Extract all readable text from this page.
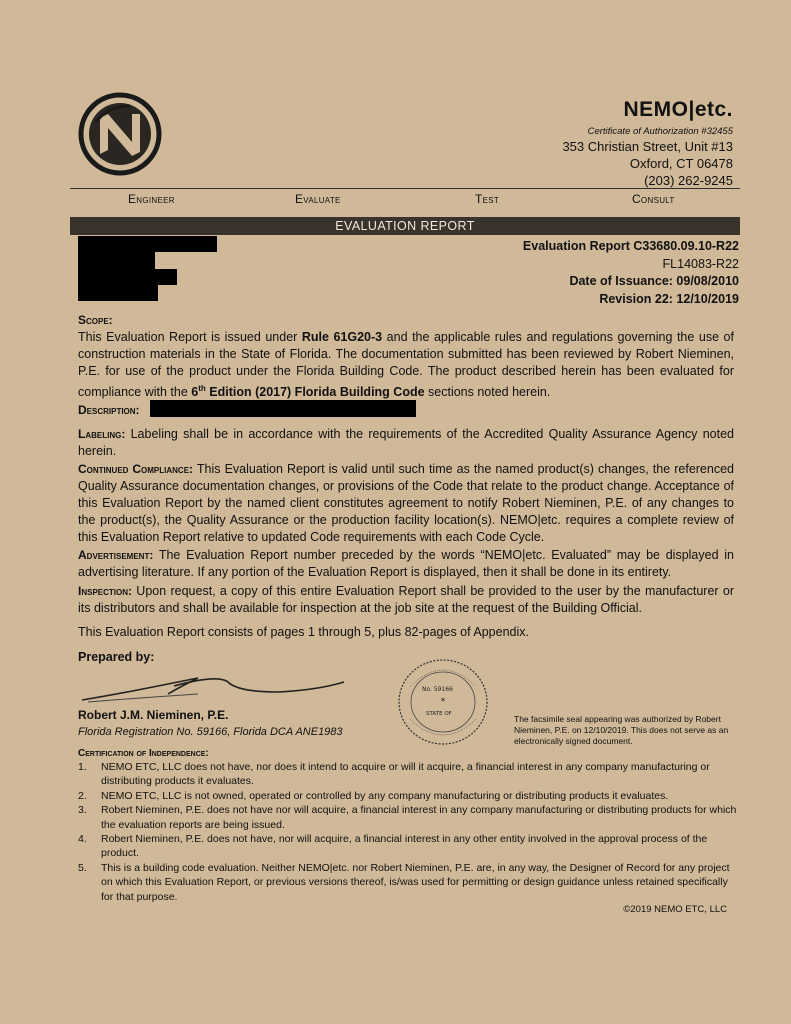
NEMO|etc.
Certificate of Authorization #32455
353 Christian Street, Unit #13
Oxford, CT 06478
(203) 262-9245
Engineer	Evaluate	Test	Consult
EVALUATION REPORT
Evaluation Report C33680.09.10-R22
FL14083-R22
Date of Issuance: 09/08/2010
Revision 22: 12/10/2019
Scope:
This Evaluation Report is issued under Rule 61G20-3 and the applicable rules and regulations governing the use of construction materials in the State of Florida. The documentation submitted has been reviewed by Robert Nieminen, P.E. for use of the product under the Florida Building Code. The product described herein has been evaluated for compliance with the 6th Edition (2017) Florida Building Code sections noted herein.
Description:
Labeling: Labeling shall be in accordance with the requirements of the Accredited Quality Assurance Agency noted herein.
Continued Compliance: This Evaluation Report is valid until such time as the named product(s) changes, the referenced Quality Assurance documentation changes, or provisions of the Code that relate to the product change. Acceptance of this Evaluation Report by the named client constitutes agreement to notify Robert Nieminen, P.E. of any changes to the product(s), the Quality Assurance or the production facility location(s). NEMO|etc. requires a complete review of this Evaluation Report relative to updated Code requirements with each Code Cycle.
Advertisement: The Evaluation Report number preceded by the words “NEMO|etc. Evaluated” may be displayed in advertising literature. If any portion of the Evaluation Report is displayed, then it shall be done in its entirety.
Inspection: Upon request, a copy of this entire Evaluation Report shall be provided to the user by the manufacturer or its distributors and shall be available for inspection at the job site at the request of the Building Official.
This Evaluation Report consists of pages 1 through 5, plus 82-pages of Appendix.
Prepared by:
Robert J.M. Nieminen, P.E.
Florida Registration No. 59166, Florida DCA ANE1983
No. 59166
*
STATE OF	The facsimile seal appearing was authorized by Robert Nieminen, P.E. on 12/10/2019. This does not serve as an electronically signed document.
Certification of Independence:
1. NEMO ETC, LLC does not have, nor does it intend to acquire or will it acquire, a financial interest in any company manufacturing or distributing products it evaluates.
2. NEMO ETC, LLC is not owned, operated or controlled by any company manufacturing or distributing products it evaluates.
3. Robert Nieminen, P.E. does not have nor will acquire, a financial interest in any company manufacturing or distributing products for which the evaluation reports are being issued.
4. Robert Nieminen, P.E. does not have, nor will acquire, a financial interest in any other entity involved in the approval process of the product.
5. This is a building code evaluation. Neither NEMO|etc. nor Robert Nieminen, P.E. are, in any way, the Designer of Record for any project on which this Evaluation Report, or previous versions thereof, is/was used for permitting or design guidance unless retained specifically for that purpose.
©2019 NEMO ETC, LLC
